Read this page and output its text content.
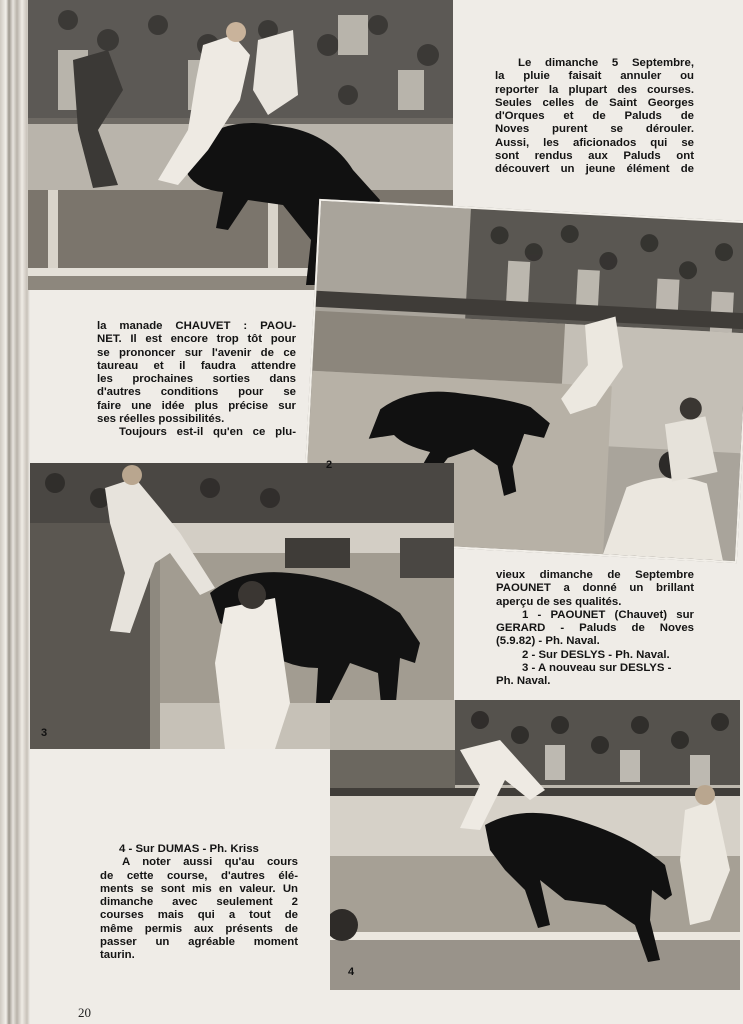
2
3
4

Le dimanche 5 Septembre,

la pluie faisait annuler ou

reporter la plupart des courses.

Seules celles de Saint Georges

d'Orques et de Paluds de

Noves purent se dérouler.

Aussi, les aficionados qui se

sont rendus aux Paluds ont

découvert un jeune élément de

la manade CHAUVET : PAOU-

NET. Il est encore trop tôt pour

se prononcer sur l'avenir de ce

taureau et il faudra attendre

les prochaines sorties dans

d'autres conditions pour se

faire une idée plus précise sur

ses réelles possibilités.

Toujours est-il qu'en ce plu-

vieux dimanche de Septembre

PAOUNET a donné un brillant

aperçu de ses qualités.

1 - PAOUNET (Chauvet) sur

GERARD - Paluds de Noves

(5.9.82) - Ph. Naval.

2 - Sur DESLYS - Ph. Naval.

3 - A nouveau sur DESLYS -

Ph. Naval.

4 - Sur DUMAS - Ph. Kriss

A noter aussi qu'au cours

de cette course, d'autres élé-

ments se sont mis en valeur. Un

dimanche avec seulement 2

courses mais qui a tout de

même permis aux présents de

passer un agréable moment

taurin.

20
